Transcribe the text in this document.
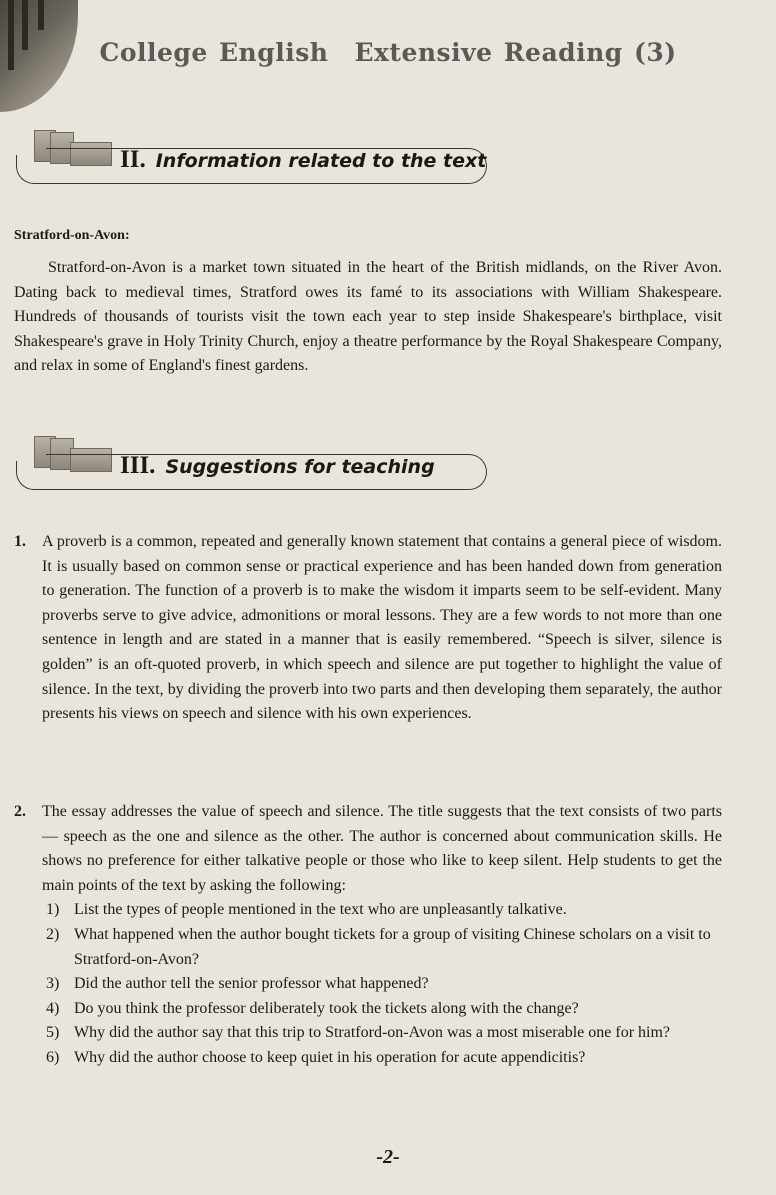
College English Extensive Reading (3)
II. Information related to the text
Stratford-on-Avon:

Stratford-on-Avon is a market town situated in the heart of the British midlands, on the River Avon. Dating back to medieval times, Stratford owes its famé to its associations with William Shakespeare. Hundreds of thousands of tourists visit the town each year to step inside Shakespeare's birthplace, visit Shakespeare's grave in Holy Trinity Church, enjoy a theatre performance by the Royal Shakespeare Company, and relax in some of England's finest gardens.

III. Suggestions for teaching
1. A proverb is a common, repeated and generally known statement that contains a general piece of wisdom. It is usually based on common sense or practical experience and has been handed down from generation to generation. The function of a proverb is to make the wisdom it imparts seem to be self-evident. Many proverbs serve to give advice, admonitions or moral lessons. They are a few words to not more than one sentence in length and are stated in a manner that is easily remembered. “Speech is silver, silence is golden” is an oft-quoted proverb, in which speech and silence are put together to highlight the value of silence. In the text, by dividing the proverb into two parts and then developing them separately, the author presents his views on speech and silence with his own experiences.
2. The essay addresses the value of speech and silence. The title suggests that the text consists of two parts — speech as the one and silence as the other. The author is concerned about communication skills. He shows no preference for either talkative people or those who like to keep silent. Help students to get the main points of the text by asking the following:
1) List the types of people mentioned in the text who are unpleasantly talkative.
2) What happened when the author bought tickets for a group of visiting Chinese scholars on a visit to Stratford-on-Avon?
3) Did the author tell the senior professor what happened?
4) Do you think the professor deliberately took the tickets along with the change?
5) Why did the author say that this trip to Stratford-on-Avon was a most miserable one for him?
6) Why did the author choose to keep quiet in his operation for acute appendicitis?
-2-
